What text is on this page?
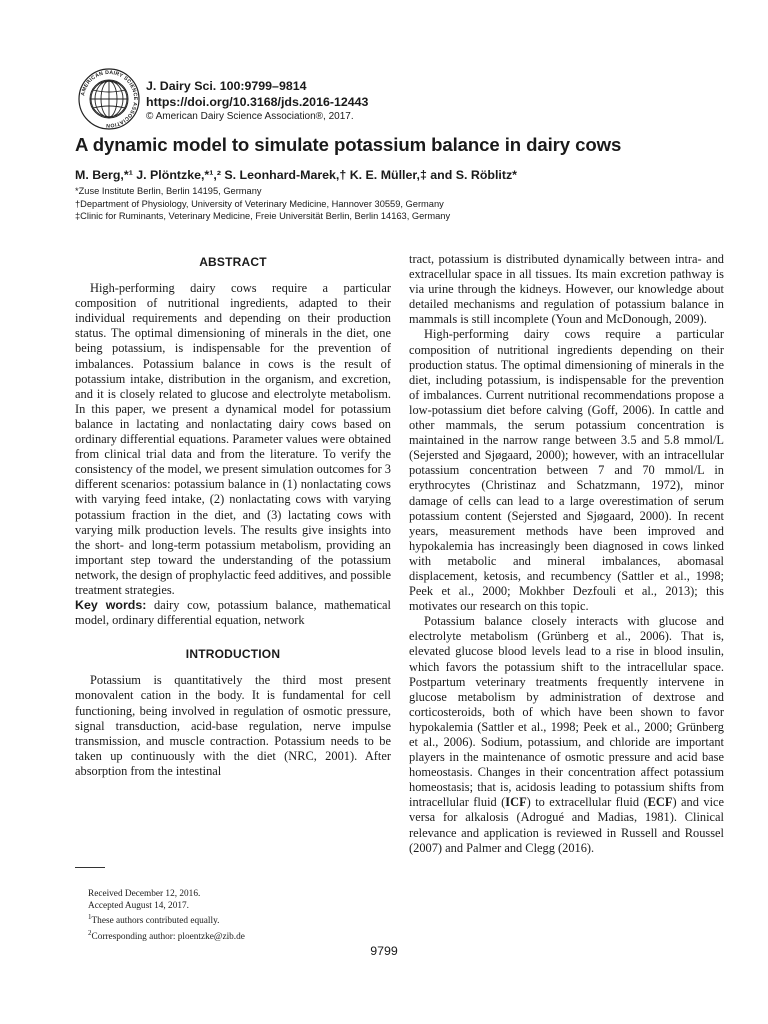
AMERICAN DAIRY SCIENCE ASSOCIATION
J. Dairy Sci. 100:9799–9814
https://doi.org/10.3168/jds.2016-12443
© American Dairy Science Association®, 2017.
A dynamic model to simulate potassium balance in dairy cows
M. Berg,*¹ J. Plöntzke,*¹,² S. Leonhard-Marek,† K. E. Müller,‡ and S. Röblitz*
*Zuse Institute Berlin, Berlin 14195, Germany
†Department of Physiology, University of Veterinary Medicine, Hannover 30559, Germany
‡Clinic for Ruminants, Veterinary Medicine, Freie Universität Berlin, Berlin 14163, Germany
ABSTRACT

High-performing dairy cows require a particular composition of nutritional ingredients, adapted to their individual requirements and depending on their production status. The optimal dimensioning of minerals in the diet, one being potassium, is indispensable for the prevention of imbalances. Potassium balance in cows is the result of potassium intake, distribution in the organism, and excretion, and it is closely related to glucose and electrolyte metabolism. In this paper, we present a dynamical model for potassium balance in lactating and nonlactating dairy cows based on ordinary differential equations. Parameter values were obtained from clinical trial data and from the literature. To verify the consistency of the model, we present simulation outcomes for 3 different scenarios: potassium balance in (1) nonlactating cows with varying feed intake, (2) nonlactating cows with varying potassium fraction in the diet, and (3) lactating cows with varying milk production levels. The results give insights into the short- and long-term potassium metabolism, providing an important step toward the understanding of the potassium network, the design of prophylactic feed additives, and possible treatment strategies.

Key words: dairy cow, potassium balance, mathematical model, ordinary differential equation, network

INTRODUCTION

Potassium is quantitatively the third most present monovalent cation in the body. It is fundamental for cell functioning, being involved in regulation of osmotic pressure, signal transduction, acid-base regulation, nerve impulse transmission, and muscle contraction. Potassium needs to be taken up continuously with the diet (NRC, 2001). After absorption from the intestinal

tract, potassium is distributed dynamically between intra- and extracellular space in all tissues. Its main excretion pathway is via urine through the kidneys. However, our knowledge about detailed mechanisms and regulation of potassium balance in mammals is still incomplete (Youn and McDonough, 2009).

High-performing dairy cows require a particular composition of nutritional ingredients depending on their production status. The optimal dimensioning of minerals in the diet, including potassium, is indispensable for the prevention of imbalances. Current nutritional recommendations propose a low-potassium diet before calving (Goff, 2006). In cattle and other mammals, the serum potassium concentration is maintained in the narrow range between 3.5 and 5.8 mmol/L (Sejersted and Sjøgaard, 2000); however, with an intracellular potassium concentration between 7 and 70 mmol/L in erythrocytes (Christinaz and Schatzmann, 1972), minor damage of cells can lead to a large overestimation of serum potassium content (Sejersted and Sjøgaard, 2000). In recent years, measurement methods have been improved and hypokalemia has increasingly been diagnosed in cows linked with metabolic and mineral imbalances, abomasal displacement, ketosis, and recumbency (Sattler et al., 1998; Peek et al., 2000; Mokhber Dezfouli et al., 2013); this motivates our research on this topic.

Potassium balance closely interacts with glucose and electrolyte metabolism (Grünberg et al., 2006). That is, elevated glucose blood levels lead to a rise in blood insulin, which favors the potassium shift to the intracellular space. Postpartum veterinary treatments frequently intervene in glucose metabolism by administration of dextrose and corticosteroids, both of which have been shown to favor hypokalemia (Sattler et al., 1998; Peek et al., 2000; Grünberg et al., 2006). Sodium, potassium, and chloride are important players in the maintenance of osmotic pressure and acid base homeostasis. Changes in their concentration affect potassium homeostasis; that is, acidosis leading to potassium shifts from intracellular fluid (ICF) to extracellular fluid (ECF) and vice versa for alkalosis (Adrogué and Madias, 1981). Clinical relevance and application is reviewed in Russell and Roussel (2007) and Palmer and Clegg (2016).

Received December 12, 2016.
Accepted August 14, 2017.
$^1$These authors contributed equally.
$^2$Corresponding author: ploentzke@zib.de
9799
